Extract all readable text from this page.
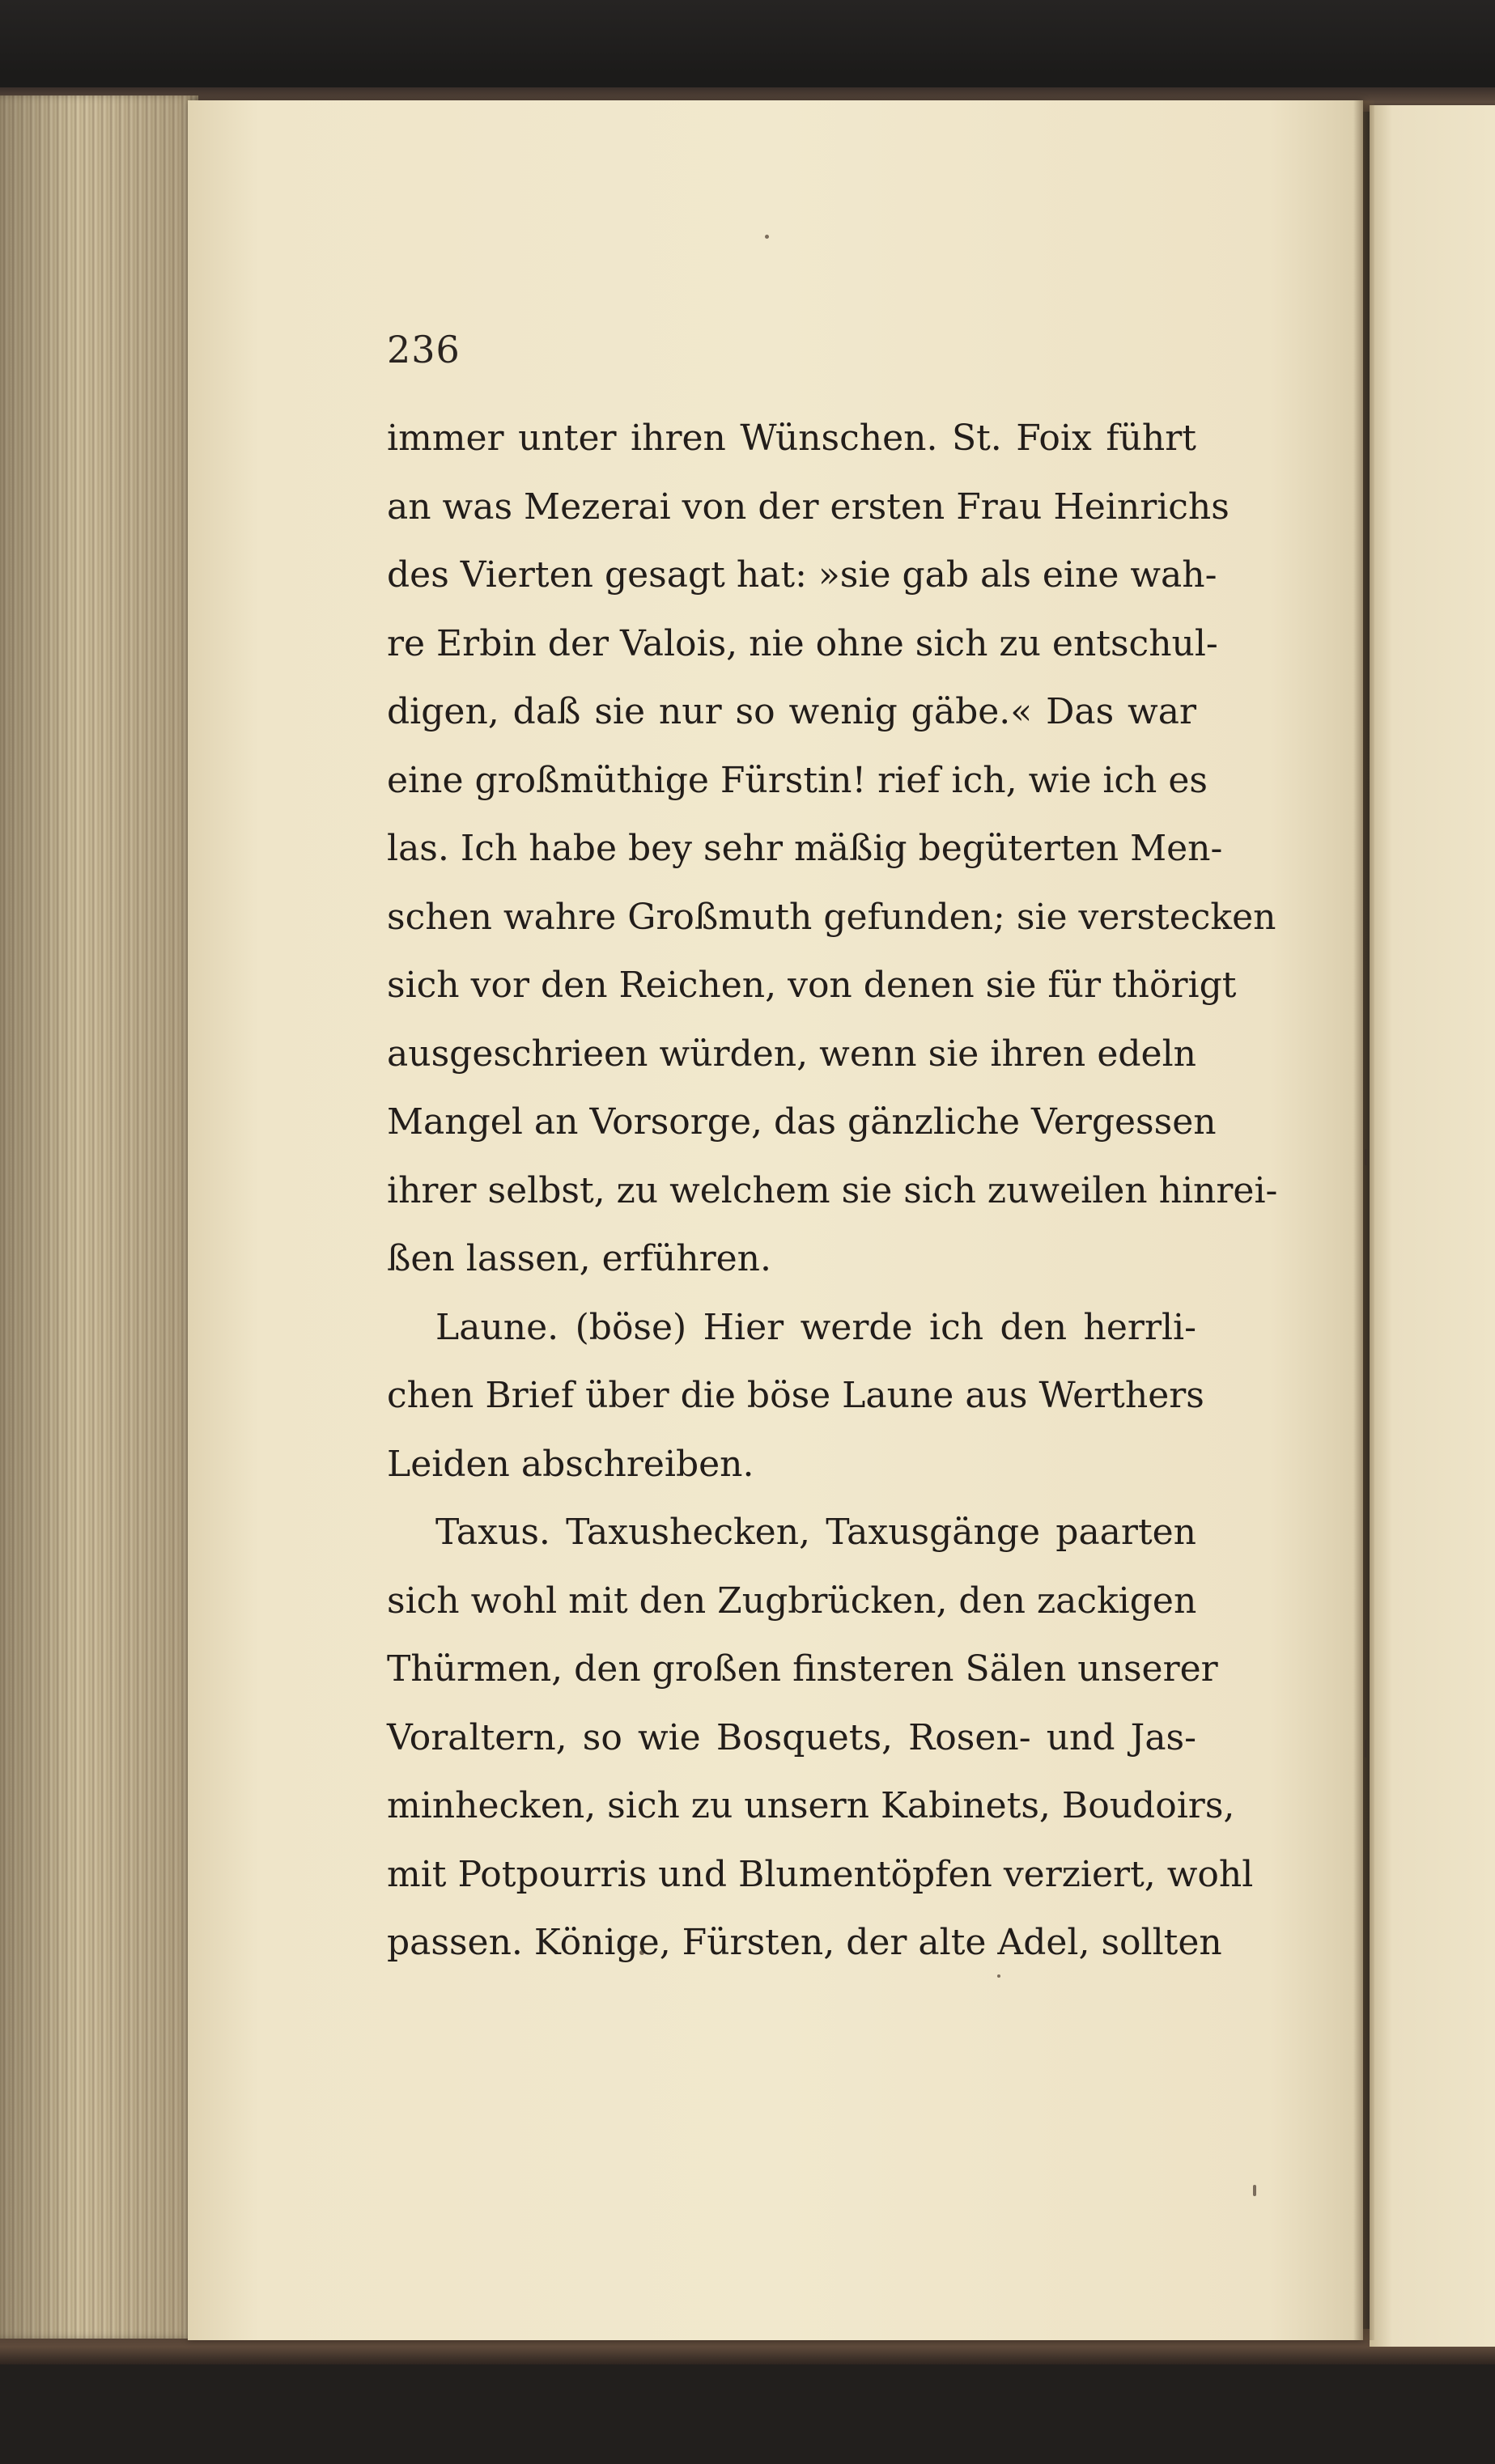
236
immer unter ihren Wünschen. St. Foix führt
an was Mezerai von der ersten Frau Heinrichs
des Vierten gesagt hat: »sie gab als eine wah-
re Erbin der Valois, nie ohne sich zu entschul-
digen, daß sie nur so wenig gäbe.« Das war
eine großmüthige Fürstin! rief ich, wie ich es
las. Ich habe bey sehr mäßig begüterten Men-
schen wahre Großmuth gefunden; sie verstecken
sich vor den Reichen, von denen sie für thörigt
ausgeschrieen würden, wenn sie ihren edeln
Mangel an Vorsorge, das gänzliche Vergessen
ihrer selbst, zu welchem sie sich zuweilen hinrei-
ßen lassen, erführen.
Laune. (böse) Hier werde ich den herrli-
chen Brief über die böse Laune aus Werthers
Leiden abschreiben.
Taxus. Taxushecken, Taxusgänge paarten
sich wohl mit den Zugbrücken, den zackigen
Thürmen, den großen finsteren Sälen unserer
Voraltern, so wie Bosquets, Rosen- und Jas-
minhecken, sich zu unsern Kabinets, Boudoirs,
mit Potpourris und Blumentöpfen verziert, wohl
passen. Könige, Fürsten, der alte Adel, sollten
